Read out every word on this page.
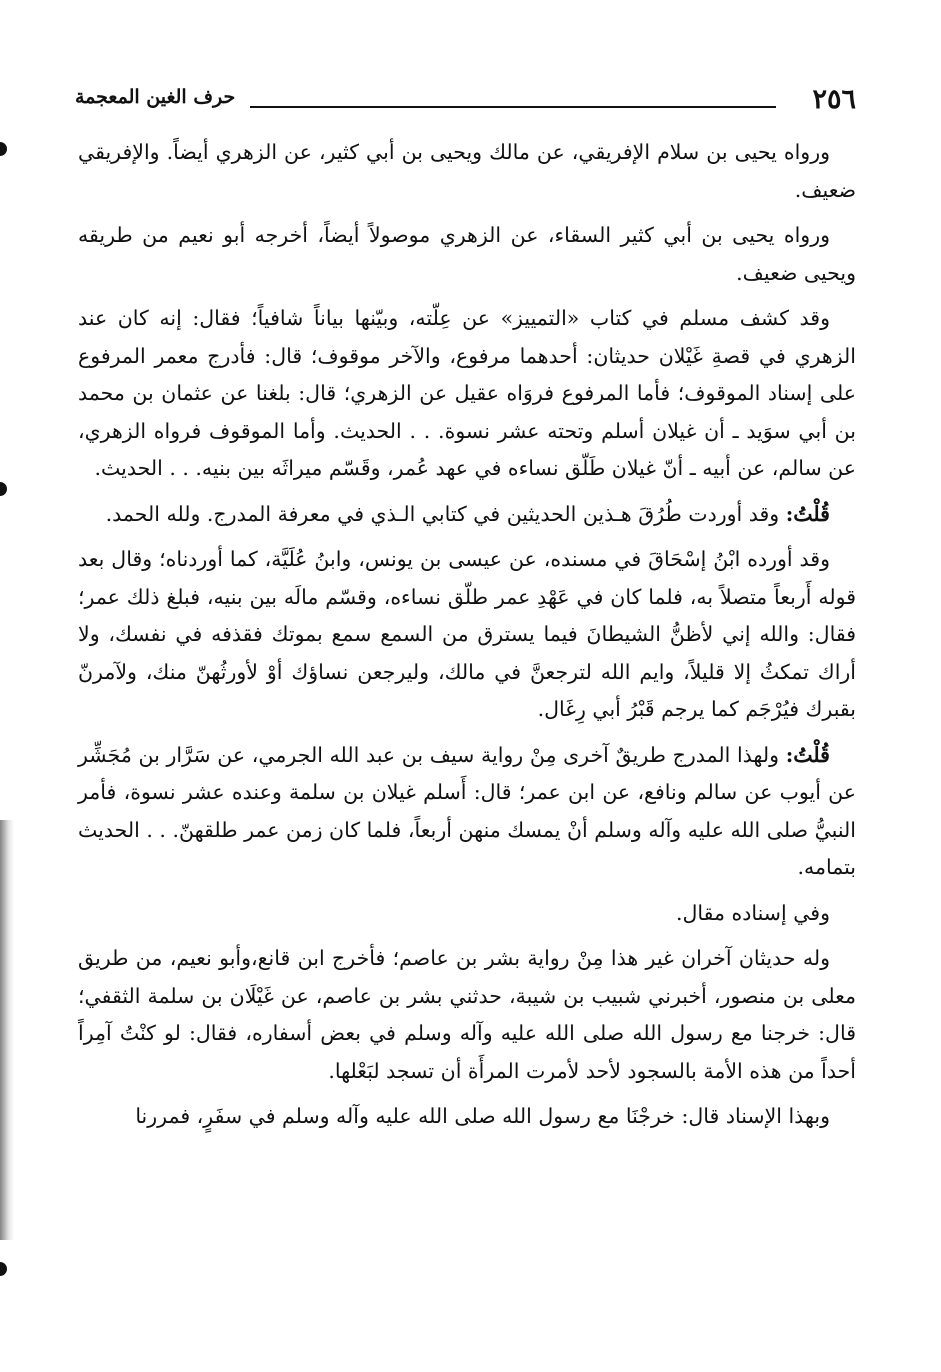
٢٥٦
حرف الغين المعجمة

ورواه يحيى بن سلام الإفريقي، عن مالك ويحيى بن أبي كثير، عن الزهري أيضاً. والإفريقي ضعيف.

ورواه يحيى بن أبي كثير السقاء، عن الزهري موصولاً أيضاً، أخرجه أبو نعيم من طريقه ويحيى ضعيف.

وقد كشف مسلم في كتاب «التمييز» عن عِلّته، وبيّنها بياناً شافياً؛ فقال: إنه كان عند الزهري في قصةِ غَيْلان حديثان: أحدهما مرفوع، والآخر موقوف؛ قال: فأدرج معمر المرفوع على إسناد الموقوف؛ فأما المرفوع فروَاه عقيل عن الزهري؛ قال: بلغنا عن عثمان بن محمد بن أبي سوَيد ـ أن غيلان أسلم وتحته عشر نسوة. . . الحديث. وأما الموقوف فرواه الزهري، عن سالم، عن أبيه ـ أنّ غيلان طَلّق نساءه في عهد عُمر، وقَسّم ميراثَه بين بنيه. . . الحديث.

قُلْتُ: وقد أوردت طُرُقَ هـذين الحديثين في كتابي الـذي في معرفة المدرج. ولله الحمد.

وقد أورده ابْنُ إسْحَاقَ في مسنده، عن عيسى بن يونس، وابنُ عُلَيَّة، كما أوردناه؛ وقال بعد قوله أَربعاً متصلاً به، فلما كان في عَهْدِ عمر طلّق نساءه، وقسّم مالَه بين بنيه، فبلغ ذلك عمر؛ فقال: والله إني لأظنُّ الشيطانَ فيما يسترق من السمع سمع بموتك فقذفه في نفسك، ولا أراك تمكثُ إلا قليلاً، وايم الله لترجعنَّ في مالك، وليرجعن نساؤك أوْ لأورثُهنّ منك، ولآمرنّ بقبرك فيُرْجَم كما يرجم قَبْرُ أبي رِغَال.

قُلْتُ: ولهذا المدرج طريقٌ آخرى مِنْ رواية سيف بن عبد الله الجرمي، عن سَرَّار بن مُجَشِّر عن أيوب عن سالم ونافع، عن ابن عمر؛ قال: أَسلم غيلان بن سلمة وعنده عشر نسوة، فأمر النبيُّ صلى الله عليه وآله وسلم أنْ يمسك منهن أربعاً، فلما كان زمن عمر طلقهنّ. . . الحديث بتمامه.

وفي إسناده مقال.

وله حديثان آخران غير هذا مِنْ رواية بشر بن عاصم؛ فأخرج ابن قانع،وأبو نعيم، من طريق معلى بن منصور، أخبرني شبيب بن شيبة، حدثني بشر بن عاصم، عن غَيْلَان بن سلمة الثقفي؛ قال: خرجنا مع رسول الله صلى الله عليه وآله وسلم في بعض أسفاره، فقال: لو كنْتُ آمِراً أحداً من هذه الأمة بالسجود لأحد لأمرت المرأَة أن تسجد لبَعْلها.

وبهذا الإسناد قال: خرجْنَا مع رسول الله صلى الله عليه وآله وسلم في سفَرٍ، فمررنا
